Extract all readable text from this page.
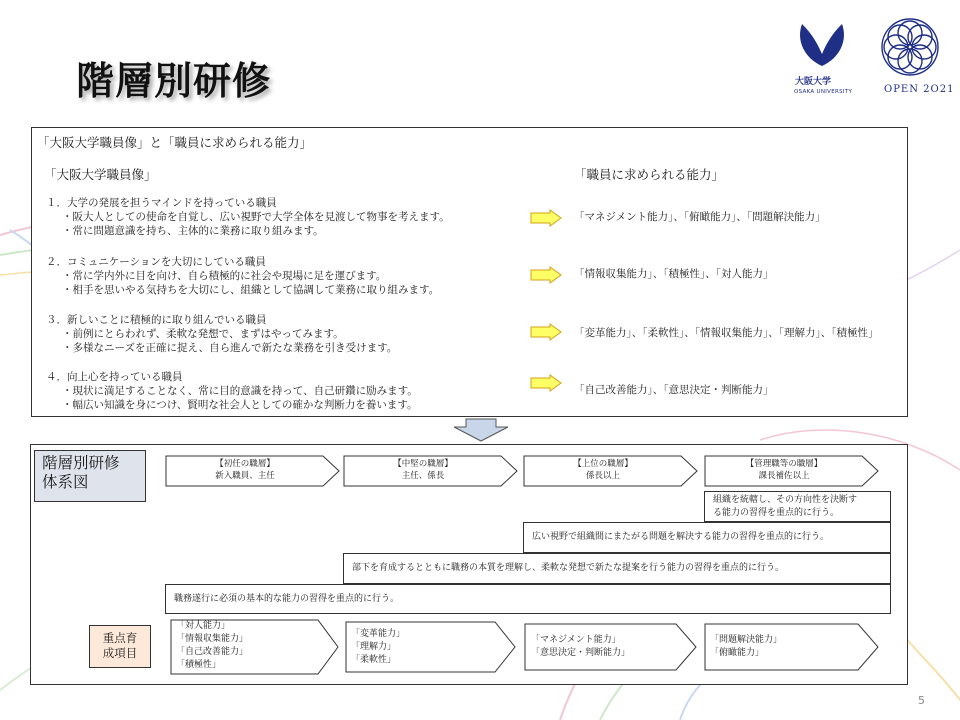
階層別研修	大阪大学
OSAKA UNIVERSITY	OPEN 2O21
「大阪大学職員像」と「職員に求められる能力」
「大阪大学職員像」	「職員に求められる能力」
１．大学の発展を担うマインドを持っている職員
・阪大人としての使命を自覚し、広い視野で大学全体を見渡して物事を考えます。
・常に問題意識を持ち、主体的に業務に取り組みます。
「マネジメント能力」、「俯瞰能力」、「問題解決能力」
２．コミュニケーションを大切にしている職員
・常に学内外に目を向け、自ら積極的に社会や現場に足を運びます。
・相手を思いやる気持ちを大切にし、組織として協調して業務に取り組みます。
「情報収集能力」、「積極性」、「対人能力」
３．新しいことに積極的に取り組んでいる職員
・前例にとらわれず、柔軟な発想で、まずはやってみます。
・多様なニーズを正確に捉え、自ら進んで新たな業務を引き受けます。
「変革能力」、「柔軟性」、「情報収集能力」、「理解力」、「積極性」
４．向上心を持っている職員
・現状に満足することなく、常に目的意識を持って、自己研鑽に励みます。
・幅広い知識を身につけ、賢明な社会人としての確かな判断力を養います。
「自己改善能力」、「意思決定・判断能力」
階層別研修
体系図
【初任の職層】
新入職員、主任
【中堅の職層】
主任、係長
【上位の職層】
係長以上
【管理職等の職層】
課長補佐以上
組織を統轄し、その方向性を決断す
る能力の習得を重点的に行う。
広い視野で組織間にまたがる問題を解決する能力の習得を重点的に行う。
部下を育成するとともに職務の本質を理解し、柔軟な発想で新たな提案を行う能力の習得を重点的に行う。
職務遂行に必須の基本的な能力の習得を重点的に行う。
重点育
成項目
「対人能力」
「情報収集能力」
「自己改善能力」
「積極性」
「変革能力」
「理解力」
「柔軟性」
「マネジメント能力」
「意思決定・判断能力」
「問題解決能力」
「俯瞰能力」
5
